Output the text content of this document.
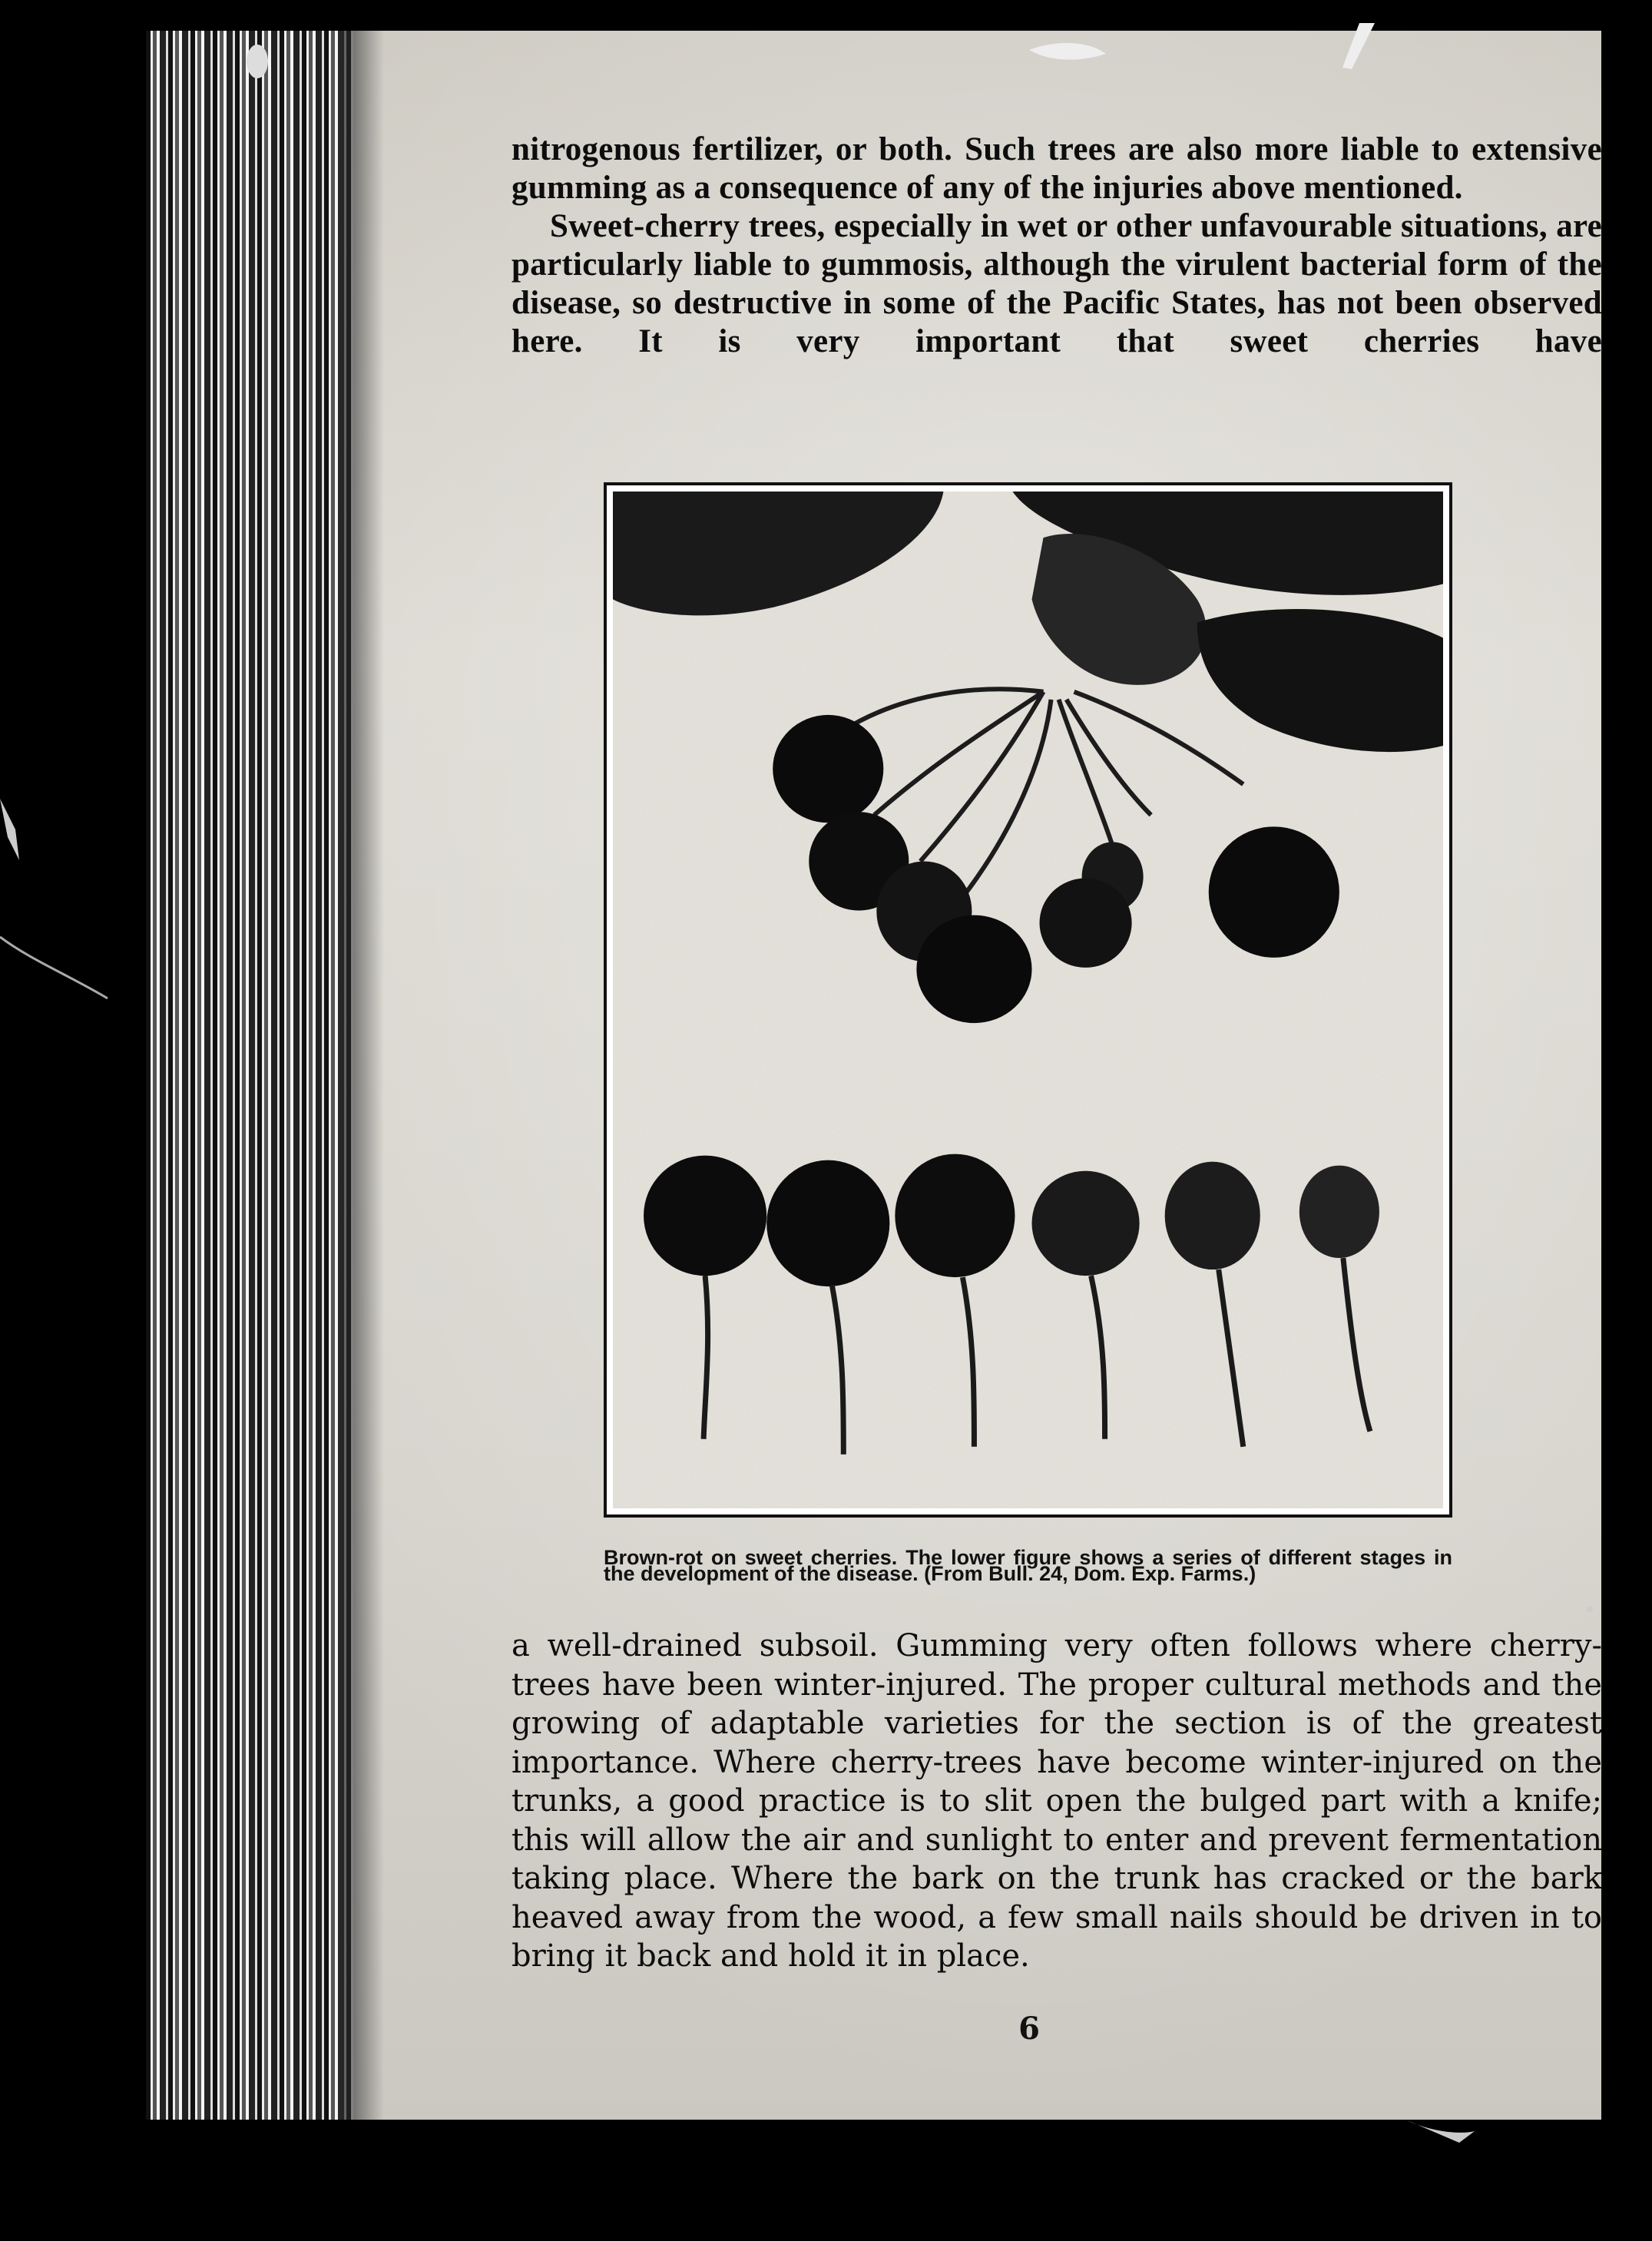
nitrogenous fertilizer, or both. Such trees are also more liable to extensive gumming as a consequence of any of the injuries above mentioned.

Sweet-cherry trees, especially in wet or other unfavourable situations, are particularly liable to gummosis, although the virulent bacterial form of the disease, so destructive in some of the Pacific States, has not been observed here. It is very important that sweet cherries have

Brown-rot on sweet cherries. The lower figure shows a series of different stages in the development of the disease. (From Bull. 24, Dom. Exp. Farms.)

a well-drained subsoil. Gumming very often follows where cherry-trees have been winter-injured. The proper cultural methods and the growing of adaptable varieties for the section is of the greatest importance. Where cherry-trees have become winter-injured on the trunks, a good practice is to slit open the bulged part with a knife; this will allow the air and sunlight to enter and prevent fermentation taking place. Where the bark on the trunk has cracked or the bark heaved away from the wood, a few small nails should be driven in to bring it back and hold it in place.

6
